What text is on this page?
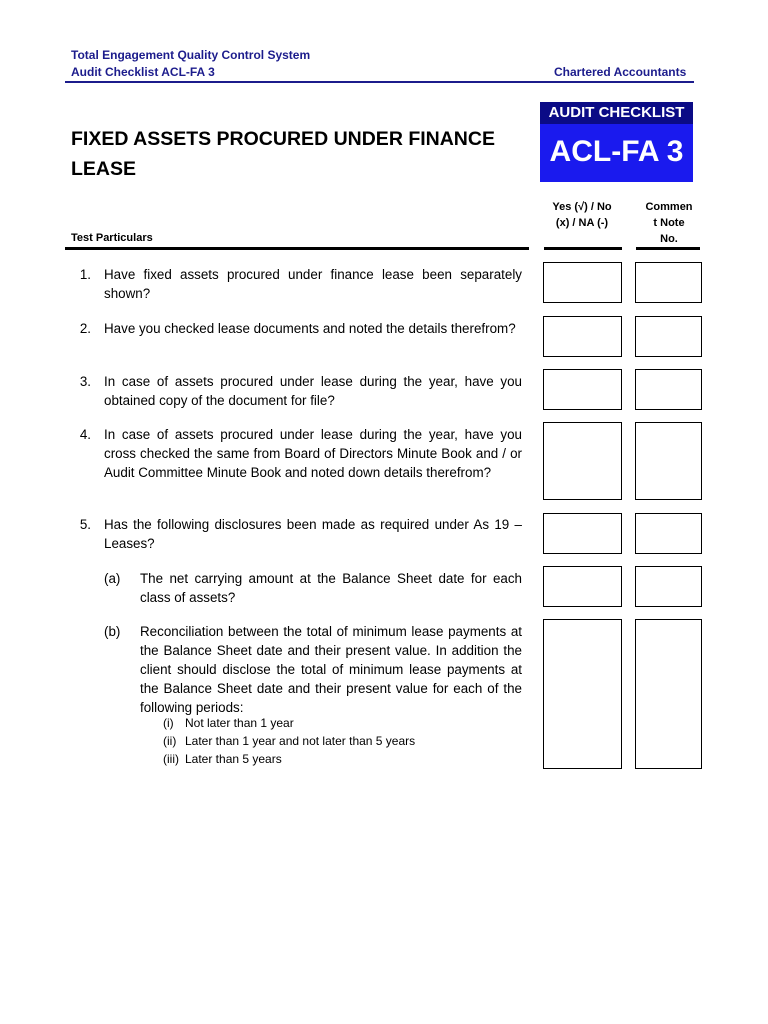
Total Engagement Quality Control System
Audit Checklist ACL-FA 3	Chartered Accountants
FIXED ASSETS PROCURED UNDER FINANCE LEASE
AUDIT CHECKLIST
ACL-FA 3
Test Particulars
Yes (√) / No
(x) / NA (-)
Commen
t Note
No.
1. Have fixed assets procured under finance lease been separately shown?
2. Have you checked lease documents and noted the details therefrom?
3. In case of assets procured under lease during the year, have you obtained copy of the document for file?
4. In case of assets procured under lease during the year, have you cross checked the same from Board of Directors Minute Book and / or Audit Committee Minute Book and noted down details therefrom?
5. Has the following disclosures been made as required under As 19 – Leases?
(a) The net carrying amount at the Balance Sheet date for each class of assets?
(b) Reconciliation between the total of minimum lease payments at the Balance Sheet date and their present value. In addition the client should disclose the total of minimum lease payments at the Balance Sheet date and their present value for each of the following periods:
(i) Not later than 1 year
(ii) Later than 1 year and not later than 5 years
(iii) Later than 5 years
